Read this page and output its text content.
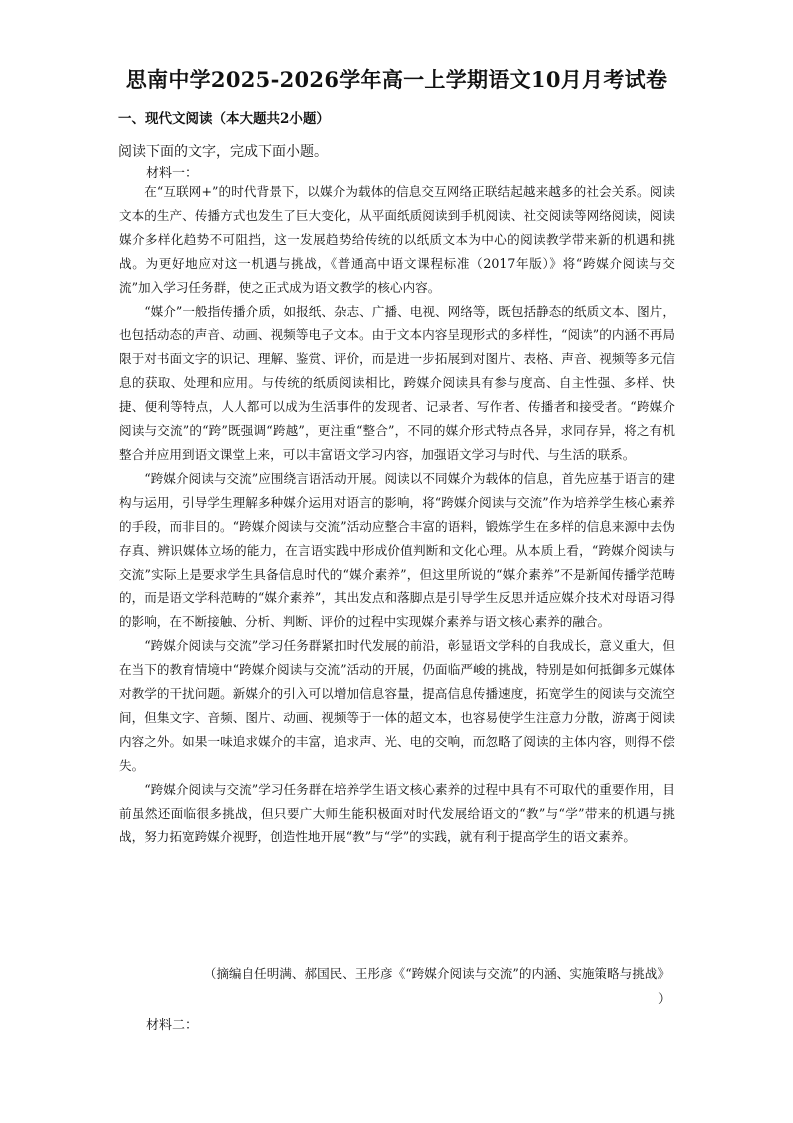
思南中学2025-2026学年高一上学期语文10月月考试卷
一、现代文阅读（本大题共2小题）
阅读下面的文字，完成下面小题。
材料一：

在“互联网+”的时代背景下，以媒介为载体的信息交互网络正联结起越来越多的社会关系。阅读文本的生产、传播方式也发生了巨大变化，从平面纸质阅读到手机阅读、社交阅读等网络阅读，阅读媒介多样化趋势不可阻挡，这一发展趋势给传统的以纸质文本为中心的阅读教学带来新的机遇和挑战。为更好地应对这一机遇与挑战，《普通高中语文课程标准（2017年版）》将“跨媒介阅读与交流”加入学习任务群，使之正式成为语文教学的核心内容。

“媒介”一般指传播介质，如报纸、杂志、广播、电视、网络等，既包括静态的纸质文本、图片，也包括动态的声音、动画、视频等电子文本。由于文本内容呈现形式的多样性，“阅读”的内涵不再局限于对书面文字的识记、理解、鉴赏、评价，而是进一步拓展到对图片、表格、声音、视频等多元信息的获取、处理和应用。与传统的纸质阅读相比，跨媒介阅读具有参与度高、自主性强、多样、快捷、便利等特点，人人都可以成为生活事件的发现者、记录者、写作者、传播者和接受者。“跨媒介阅读与交流”的“跨”既强调“跨越”，更注重“整合”，不同的媒介形式特点各异，求同存异，将之有机整合并应用到语文课堂上来，可以丰富语文学习内容，加强语文学习与时代、与生活的联系。

“跨媒介阅读与交流”应围绕言语活动开展。阅读以不同媒介为载体的信息，首先应基于语言的建构与运用，引导学生理解多种媒介运用对语言的影响，将“跨媒介阅读与交流”作为培养学生核心素养的手段，而非目的。“跨媒介阅读与交流”活动应整合丰富的语料，锻炼学生在多样的信息来源中去伪存真、辨识媒体立场的能力，在言语实践中形成价值判断和文化心理。从本质上看，“跨媒介阅读与交流”实际上是要求学生具备信息时代的“媒介素养”，但这里所说的“媒介素养”不是新闻传播学范畴的，而是语文学科范畴的“媒介素养”，其出发点和落脚点是引导学生反思并适应媒介技术对母语习得的影响，在不断接触、分析、判断、评价的过程中实现媒介素养与语文核心素养的融合。

“跨媒介阅读与交流”学习任务群紧扣时代发展的前沿，彰显语文学科的自我成长，意义重大，但在当下的教育情境中“跨媒介阅读与交流”活动的开展，仍面临严峻的挑战，特别是如何抵御多元媒体对教学的干扰问题。新媒介的引入可以增加信息容量，提高信息传播速度，拓宽学生的阅读与交流空间，但集文字、音频、图片、动画、视频等于一体的超文本，也容易使学生注意力分散，游离于阅读内容之外。如果一味追求媒介的丰富，追求声、光、电的交响，而忽略了阅读的主体内容，则得不偿失。

“跨媒介阅读与交流”学习任务群在培养学生语文核心素养的过程中具有不可取代的重要作用，目前虽然还面临很多挑战，但只要广大师生能积极面对时代发展给语文的“教”与“学”带来的机遇与挑战，努力拓宽跨媒介视野，创造性地开展“教”与“学”的实践，就有利于提高学生的语文素养。

（摘编自任明满、郝国民、王彤彦《“跨媒介阅读与交流”的内涵、实施策略与挑战》
）
材料二：
